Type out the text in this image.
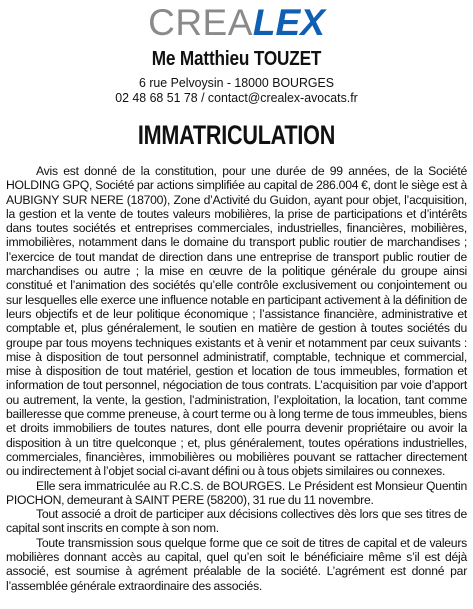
CREALEX
Me Matthieu TOUZET
6 rue Pelvoysin - 18000 BOURGES
02 48 68 51 78 / contact@crealex-avocats.fr
IMMATRICULATION

Avis est donné de la constitution, pour une durée de 99 années, de la Société HOLDING GPQ, Société par actions simplifiée au capital de 286.004 €, dont le siège est à AUBIGNY SUR NERE (18700), Zone d’Activité du Guidon, ayant pour objet, l’acquisition, la gestion et la vente de toutes valeurs mobilières, la prise de participations et d’intérêts dans toutes sociétés et entreprises commerciales, industrielles, financières, mobilières, immobilières, notamment dans le domaine du transport public routier de marchandises ; l’exercice de tout mandat de direction dans une entreprise de transport public routier de marchandises ou autre ; la mise en œuvre de la politique générale du groupe ainsi constitué et l’animation des sociétés qu’elle contrôle exclusivement ou conjointement ou sur lesquelles elle exerce une influence notable en participant activement à la définition de leurs objectifs et de leur politique économique ; l’assistance financière, administrative et comptable et, plus généralement, le soutien en matière de gestion à toutes sociétés du groupe par tous moyens techniques existants et à venir et notamment par ceux suivants : mise à disposition de tout personnel administratif, comptable, technique et commercial, mise à disposition de tout matériel, gestion et location de tous immeubles, formation et information de tout personnel, négociation de tous contrats. L’acquisition par voie d’apport ou autrement, la vente, la gestion, l’administration, l’exploitation, la location, tant comme bailleresse que comme preneuse, à court terme ou à long terme de tous immeubles, biens et droits immobiliers de toutes natures, dont elle pourra devenir propriétaire ou avoir la disposition à un titre quelconque ; et, plus généralement, toutes opérations industrielles, commerciales, financières, immobilières ou mobilières pouvant se rattacher directement ou indirectement à l’objet social ci-avant défini ou à tous objets similaires ou connexes.

Elle sera immatriculée au R.C.S. de BOURGES. Le Président est Monsieur Quentin PIOCHON, demeurant à SAINT PERE (58200), 31 rue du 11 novembre.

Tout associé a droit de participer aux décisions collectives dès lors que ses titres de capital sont inscrits en compte à son nom.

Toute transmission sous quelque forme que ce soit de titres de capital et de valeurs mobilières donnant accès au capital, quel qu’en soit le bénéficiaire même s’il est déjà associé, est soumise à agrément préalable de la société. L’agrément est donné par l’assemblée générale extraordinaire des associés.
